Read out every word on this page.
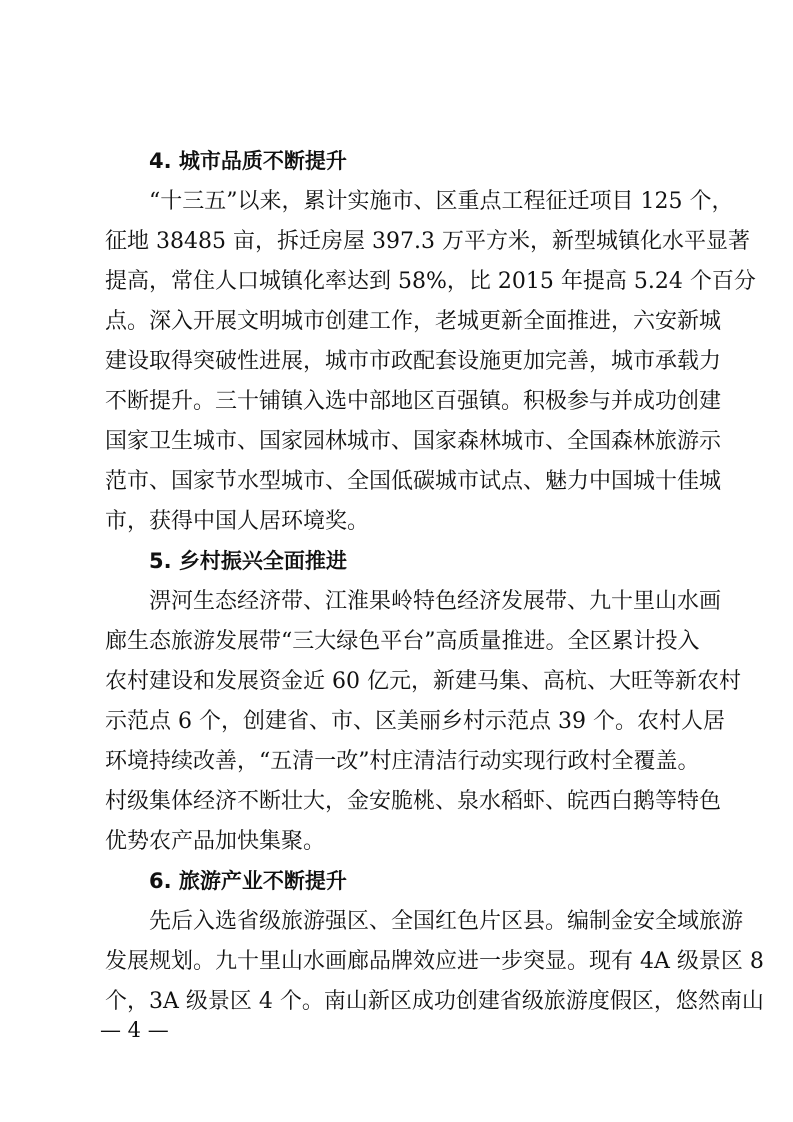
4. 城市品质不断提升
“十三五”以来，累计实施市、区重点工程征迁项目 125 个，
征地 38485 亩，拆迁房屋 397.3 万平方米，新型城镇化水平显著
提高，常住人口城镇化率达到 58%，比 2015 年提高 5.24 个百分
点。深入开展文明城市创建工作，老城更新全面推进，六安新城
建设取得突破性进展，城市市政配套设施更加完善，城市承载力
不断提升。三十铺镇入选中部地区百强镇。积极参与并成功创建
国家卫生城市、国家园林城市、国家森林城市、全国森林旅游示
范市、国家节水型城市、全国低碳城市试点、魅力中国城十佳城
市，获得中国人居环境奖。
5. 乡村振兴全面推进
淠河生态经济带、江淮果岭特色经济发展带、九十里山水画
廊生态旅游发展带“三大绿色平台”高质量推进。全区累计投入
农村建设和发展资金近 60 亿元，新建马集、高杭、大旺等新农村
示范点 6 个，创建省、市、区美丽乡村示范点 39 个。农村人居
环境持续改善，“五清一改”村庄清洁行动实现行政村全覆盖。
村级集体经济不断壮大，金安脆桃、泉水稻虾、皖西白鹅等特色
优势农产品加快集聚。
6. 旅游产业不断提升
先后入选省级旅游强区、全国红色片区县。编制金安全域旅游
发展规划。九十里山水画廊品牌效应进一步突显。现有 4A 级景区 8
个，3A 级景区 4 个。南山新区成功创建省级旅游度假区，悠然南山
— 4 —
